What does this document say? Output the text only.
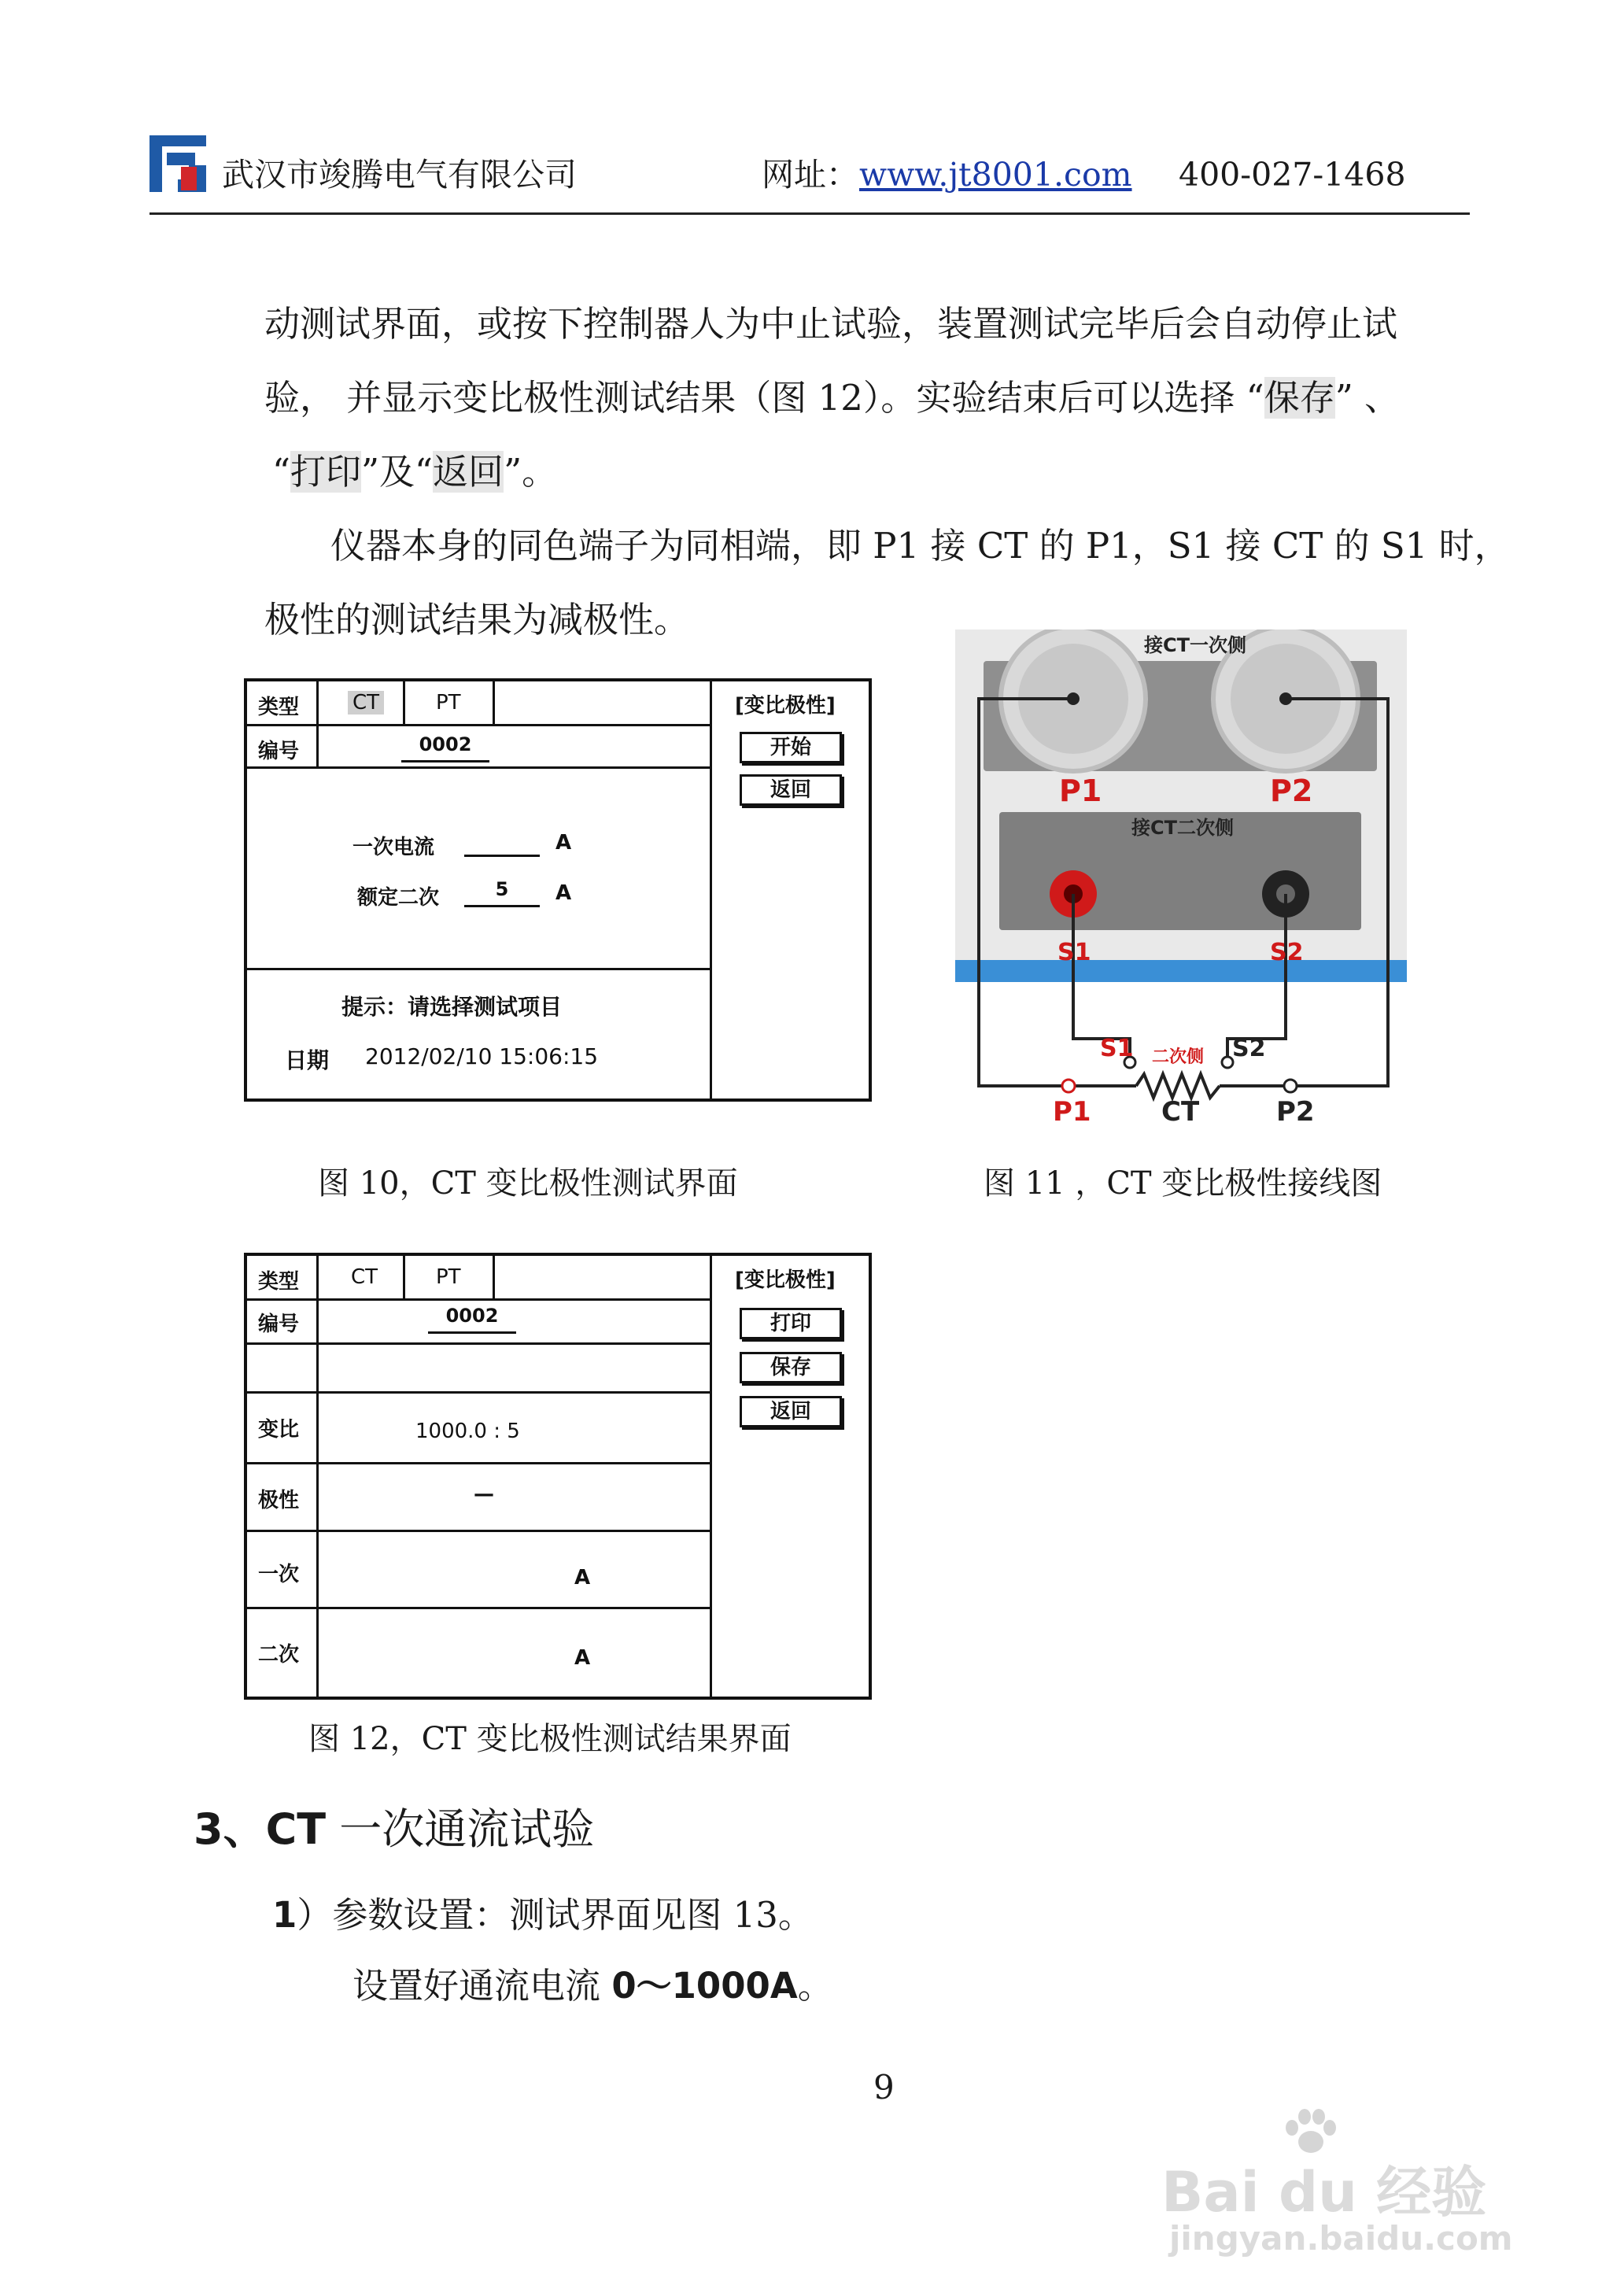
武汉市竣腾电气有限公司	网址： www.jt8001.com 400-027-1468
动测试界面，或按下控制器人为中止试验，装置测试完毕后会自动停止试
验， 并显示变比极性测试结果（图 12）。实验结束后可以选择 “保存” 、
“打印”及“返回”。
仪器本身的同色端子为同相端，即 P1 接 CT 的 P1，S1 接 CT 的 S1 时，
极性的测试结果为减极性。
类型	CT	PT	[变比极性]
编号	0002	开始
返回
一次电流	A
额定二次	5	A
提示：请选择测试项目
日期 2012/02/10 15:06:15
图 10，CT 变比极性测试界面
接CT一次侧
P1	P2
接CT二次侧
S1	S2
S1 二次侧 S2
P1	CT	P2
图 11 ，CT 变比极性接线图
类型	CT	PT	[变比极性]
编号	0002	打印
保存
返回
变比	1000.0 : 5
极性	—
一次	A
二次	A
图 12，CT 变比极性测试结果界面
3、CT 一次通流试验
1）参数设置：测试界面见图 13。
设置好通流电流 0～1000A。
9
Bai du 经验
jingyan.baidu.com
